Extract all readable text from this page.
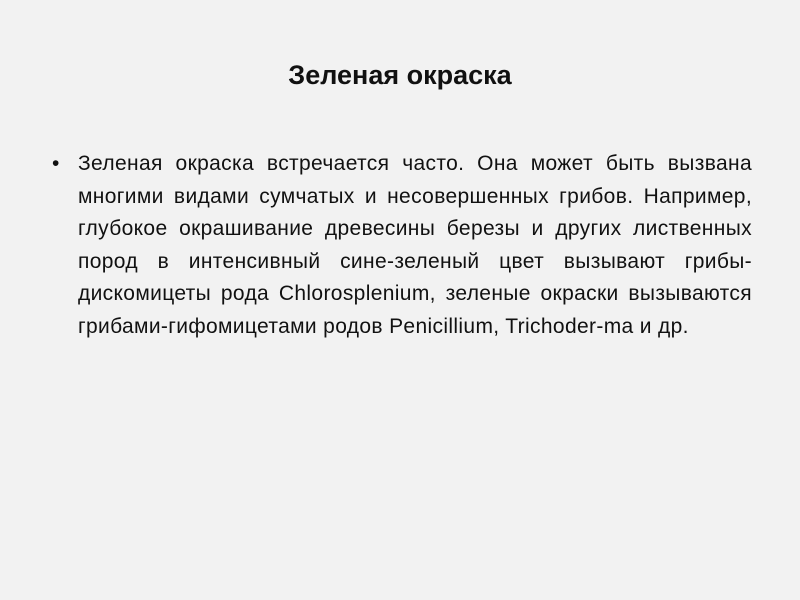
Зеленая окраска
• Зеленая окраска встречается часто. Она может быть вызвана многими видами сумчатых и несовершенных грибов. Например, глубокое окрашивание древесины березы и других лиственных пород в интенсивный сине-зеленый цвет вызывают грибы-дискомицеты рода Chlorosplenium, зеленые окраски вызываются грибами-гифомицетами родов Penicillium, Trichoder-ma и др.
